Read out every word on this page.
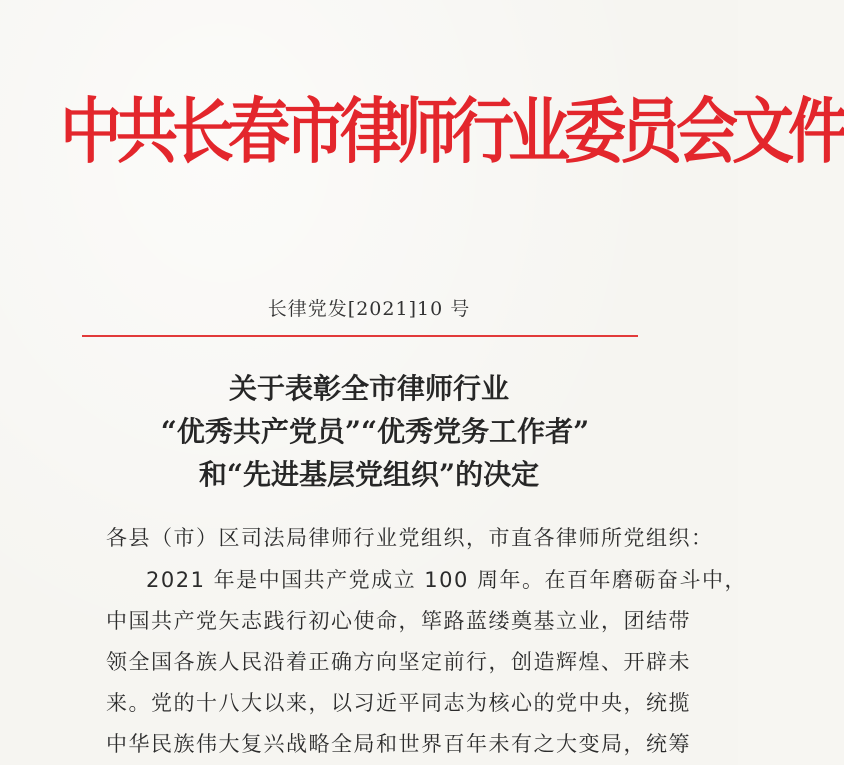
中共长春市律师行业委员会文件
长律党发[2021]10 号
关于表彰全市律师行业
“优秀共产党员”“优秀党务工作者”
和“先进基层党组织”的决定
各县（市）区司法局律师行业党组织，市直各律师所党组织：
2021 年是中国共产党成立 100 周年。在百年磨砺奋斗中，
中国共产党矢志践行初心使命，筚路蓝缕奠基立业，团结带
领全国各族人民沿着正确方向坚定前行，创造辉煌、开辟未
来。党的十八大以来，以习近平同志为核心的党中央，统揽
中华民族伟大复兴战略全局和世界百年未有之大变局，统筹
